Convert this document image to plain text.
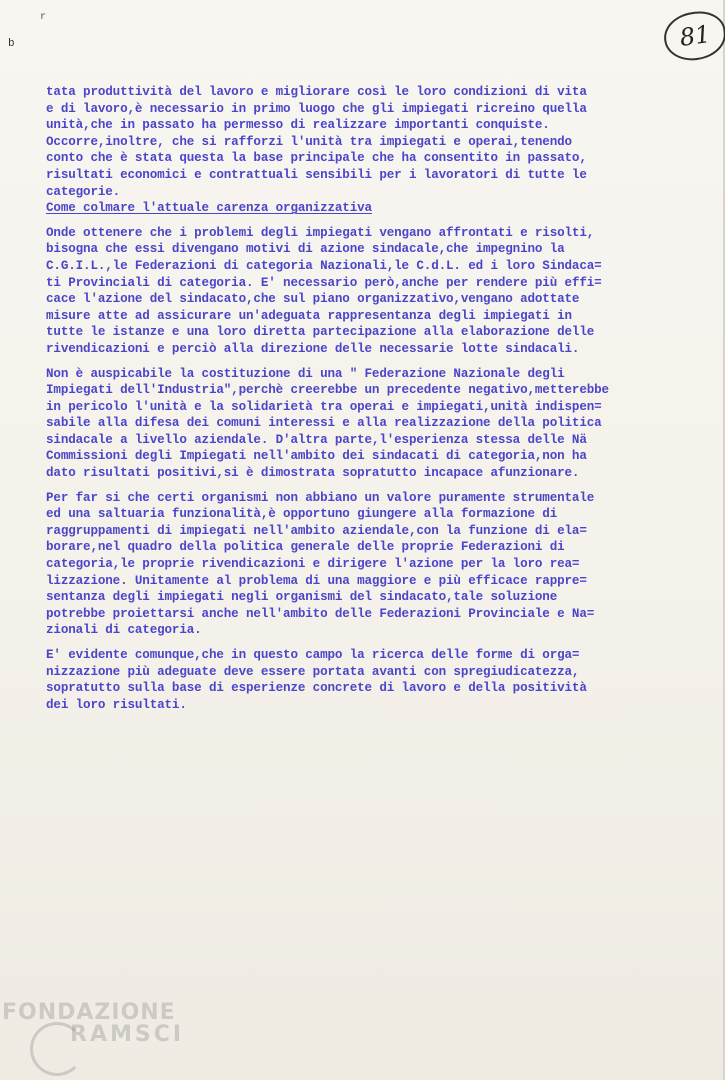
r
b	81
tata produttività del lavoro e migliorare così le loro condizioni di vita
e di lavoro,è necessario in primo luogo che gli impiegati ricreino quella
unità,che in passato ha permesso di realizzare importanti conquiste.
Occorre,inoltre, che si rafforzi l'unità tra impiegati e operai,tenendo
conto che è stata questa la base principale che ha consentito in passato,
risultati economici e contrattuali sensibili per i lavoratori di tutte le
categorie.
Come colmare l'attuale carenza organizzativa
Onde ottenere che i problemi degli impiegati vengano affrontati e risolti,
bisogna che essi divengano motivi di azione sindacale,che impegnino la
C.G.I.L.,le Federazioni di categoria Nazionali,le C.d.L. ed i loro Sindaca=
ti Provinciali di categoria. E' necessario però,anche per rendere più effi=
cace l'azione del sindacato,che sul piano organizzativo,vengano adottate
misure atte ad assicurare un'adeguata rappresentanza degli impiegati in
tutte le istanze e una loro diretta partecipazione alla elaborazione delle
rivendicazioni e perciò alla direzione delle necessarie lotte sindacali.
Non è auspicabile la costituzione di una " Federazione Nazionale degli
Impiegati dell'Industria",perchè creerebbe un precedente negativo,metterebbe
in pericolo l'unità e la solidarietà tra operai e impiegati,unità indispen=
sabile alla difesa dei comuni interessi e alla realizzazione della politica
sindacale a livello aziendale. D'altra parte,l'esperienza stessa delle Nä
Commissioni degli Impiegati nell'ambito dei sindacati di categoria,non ha
dato risultati positivi,si è dimostrata sopratutto incapace afunzionare.
Per far si che certi organismi non abbiano un valore puramente strumentale
ed una saltuaria funzionalità,è opportuno giungere alla formazione di
raggruppamenti di impiegati nell'ambito aziendale,con la funzione di ela=
borare,nel quadro della politica generale delle proprie Federazioni di
categoria,le proprie rivendicazioni e dirigere l'azione per la loro rea=
lizzazione. Unitamente al problema di una maggiore e più efficace rappre=
sentanza degli impiegati negli organismi del sindacato,tale soluzione
potrebbe proiettarsi anche nell'ambito delle Federazioni Provinciale e Na=
zionali di categoria.
E' evidente comunque,che in questo campo la ricerca delle forme di orga=
nizzazione più adeguate deve essere portata avanti con spregiudicatezza,
sopratutto sulla base di esperienze concrete di lavoro e della positività
dei loro risultati.
FONDAZIONE
RAMSCI
